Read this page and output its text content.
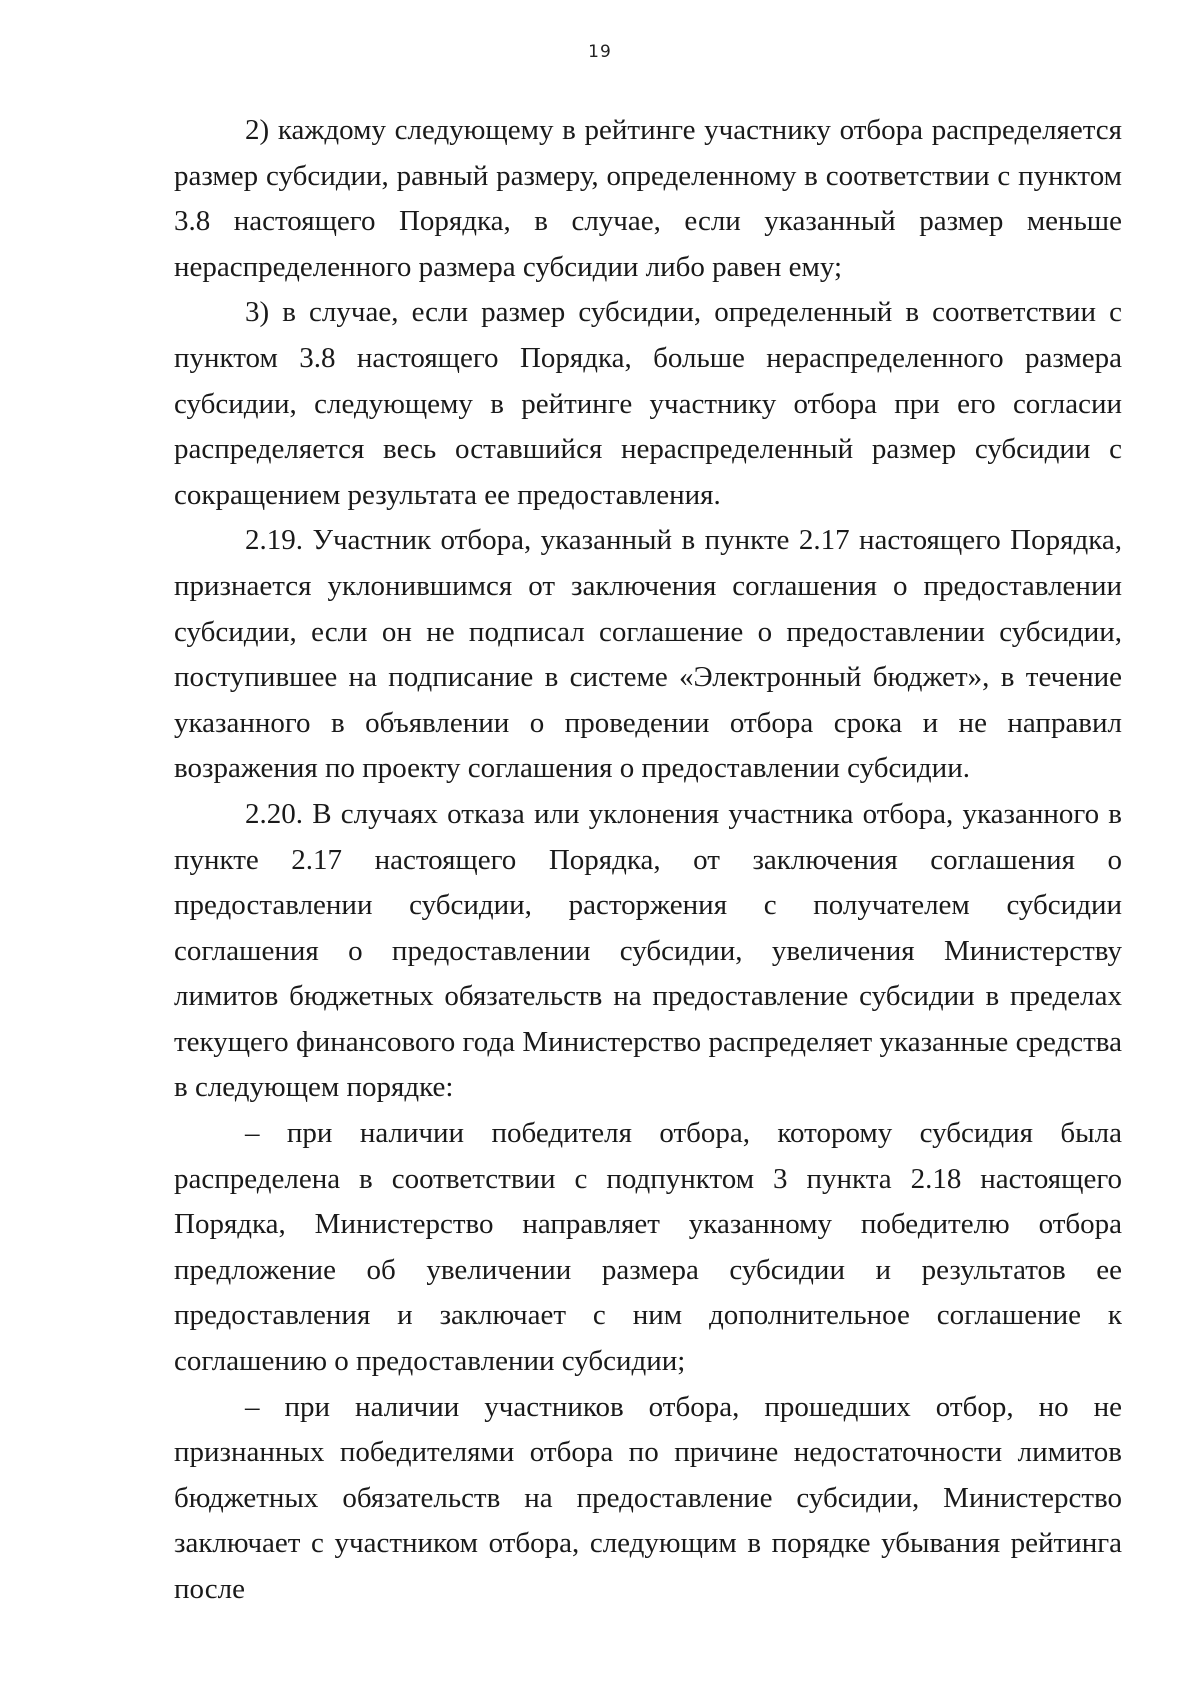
19

2) каждому следующему в рейтинге участнику отбора распределяется размер субсидии, равный размеру, определенному в соответствии с пунктом 3.8 настоящего Порядка, в случае, если указанный размер меньше нераспределенного размера субсидии либо равен ему;

3) в случае, если размер субсидии, определенный в соответствии с пунктом 3.8 настоящего Порядка, больше нераспределенного размера субсидии, следующему в рейтинге участнику отбора при его согласии распределяется весь оставшийся нераспределенный размер субсидии с сокращением результата ее предоставления.

2.19. Участник отбора, указанный в пункте 2.17 настоящего Порядка, признается уклонившимся от заключения соглашения о предоставлении субсидии, если он не подписал соглашение о предоставлении субсидии, поступившее на подписание в системе «Электронный бюджет», в течение указанного в объявлении о проведении отбора срока и не направил возражения по проекту соглашения о предоставлении субсидии.

2.20. В случаях отказа или уклонения участника отбора, указанного в пункте 2.17 настоящего Порядка, от заключения соглашения о предоставлении субсидии, расторжения с получателем субсидии соглашения о предоставлении субсидии, увеличения Министерству лимитов бюджетных обязательств на предоставление субсидии в пределах текущего финансового года Министерство распределяет указанные средства в следующем порядке:

– при наличии победителя отбора, которому субсидия была распределена в соответствии с подпунктом 3 пункта 2.18 настоящего Порядка, Министерство направляет указанному победителю отбора предложение об увеличении размера субсидии и результатов ее предоставления и заключает с ним дополнительное соглашение к соглашению о предоставлении субсидии;

– при наличии участников отбора, прошедших отбор, но не признанных победителями отбора по причине недостаточности лимитов бюджетных обязательств на предоставление субсидии, Министерство заключает с участником отбора, следующим в порядке убывания рейтинга после
